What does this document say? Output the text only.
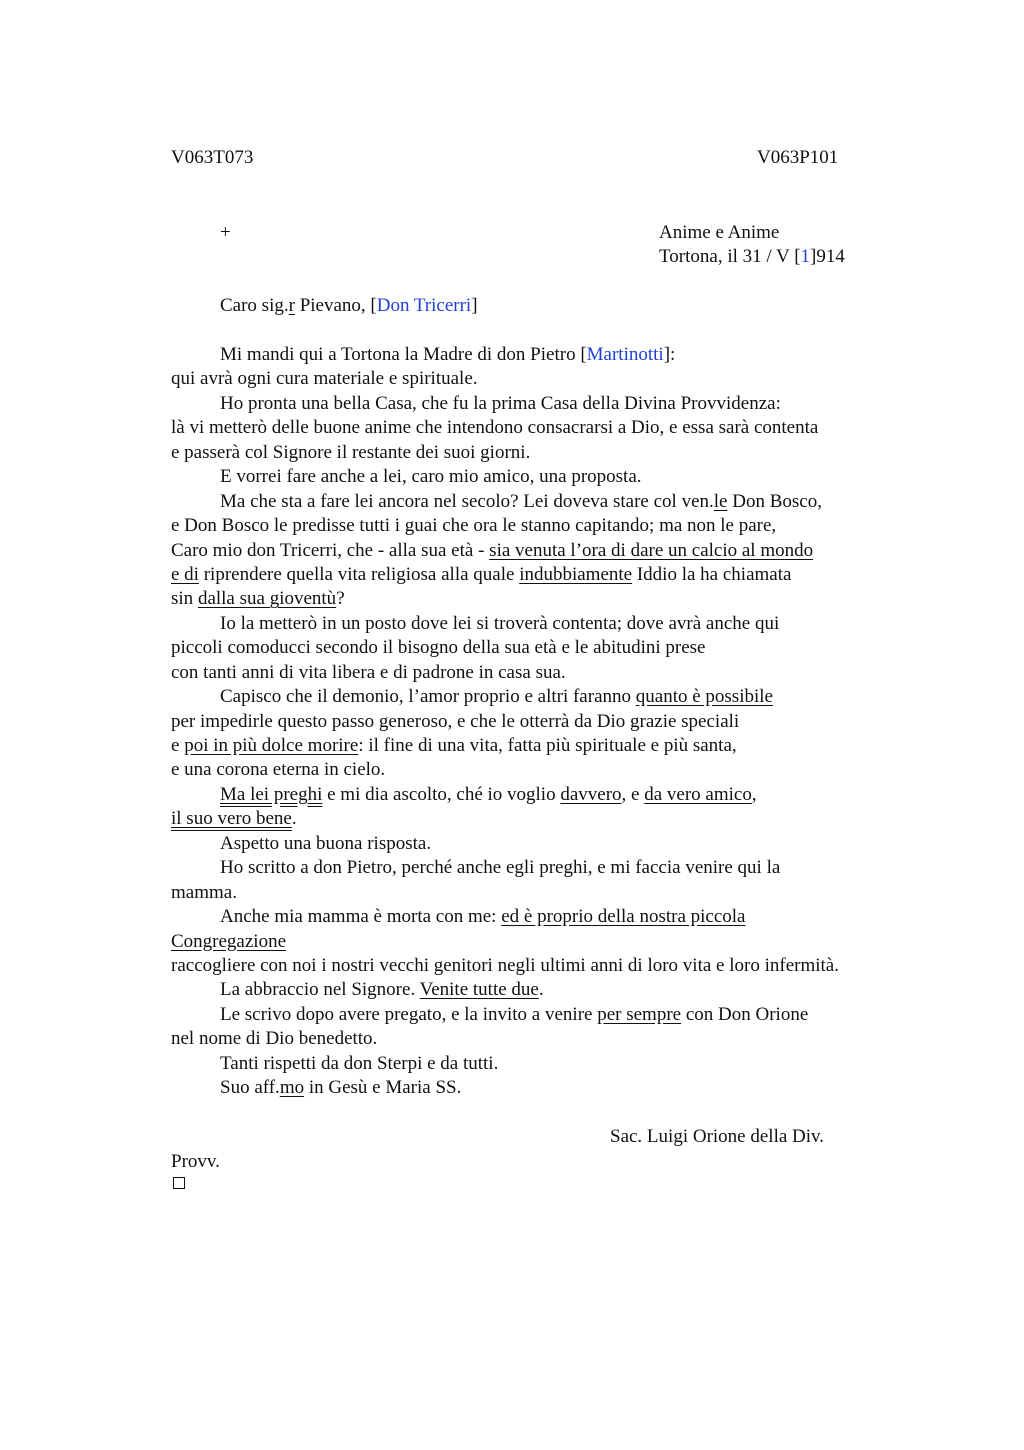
V063T073	V063P101
+	Anime e Anime
Tortona, il 31 / V [1]914
Caro sig.r Pievano, [Don Tricerri]
Mi mandi qui a Tortona la Madre di don Pietro [Martinotti]:
qui avrà ogni cura materiale e spirituale.
Ho pronta una bella Casa, che fu la prima Casa della Divina Provvidenza:
là vi metterò delle buone anime che intendono consacrarsi a Dio, e essa sarà contenta
e passerà col Signore il restante dei suoi giorni.
E vorrei fare anche a lei, caro mio amico, una proposta.
Ma che sta a fare lei ancora nel secolo? Lei doveva stare col ven.le Don Bosco,
e Don Bosco le predisse tutti i guai che ora le stanno capitando; ma non le pare,
Caro mio don Tricerri, che - alla sua età - sia venuta l’ora di dare un calcio al mondo
e di riprendere quella vita religiosa alla quale indubbiamente Iddio la ha chiamata
sin dalla sua gioventù?
Io la metterò in un posto dove lei si troverà contenta; dove avrà anche qui
piccoli comoducci secondo il bisogno della sua età e le abitudini prese
con tanti anni di vita libera e di padrone in casa sua.
Capisco che il demonio, l’amor proprio e altri faranno quanto è possibile
per impedirle questo passo generoso, e che le otterrà da Dio grazie speciali
e poi in più dolce morire: il fine di una vita, fatta più spirituale e più santa,
e una corona eterna in cielo.
Ma lei preghi e mi dia ascolto, ché io voglio davvero, e da vero amico,
il suo vero bene.
Aspetto una buona risposta.
Ho scritto a don Pietro, perché anche egli preghi, e mi faccia venire qui la
mamma.
Anche mia mamma è morta con me: ed è proprio della nostra piccola
Congregazione
raccogliere con noi i nostri vecchi genitori negli ultimi anni di loro vita e loro infermità.
La abbraccio nel Signore. Venite tutte due.
Le scrivo dopo avere pregato, e la invito a venire per sempre con Don Orione
nel nome di Dio benedetto.
Tanti rispetti da don Sterpi e da tutti.
Suo aff.mo in Gesù e Maria SS.
Sac. Luigi Orione della Div.
Provv.
